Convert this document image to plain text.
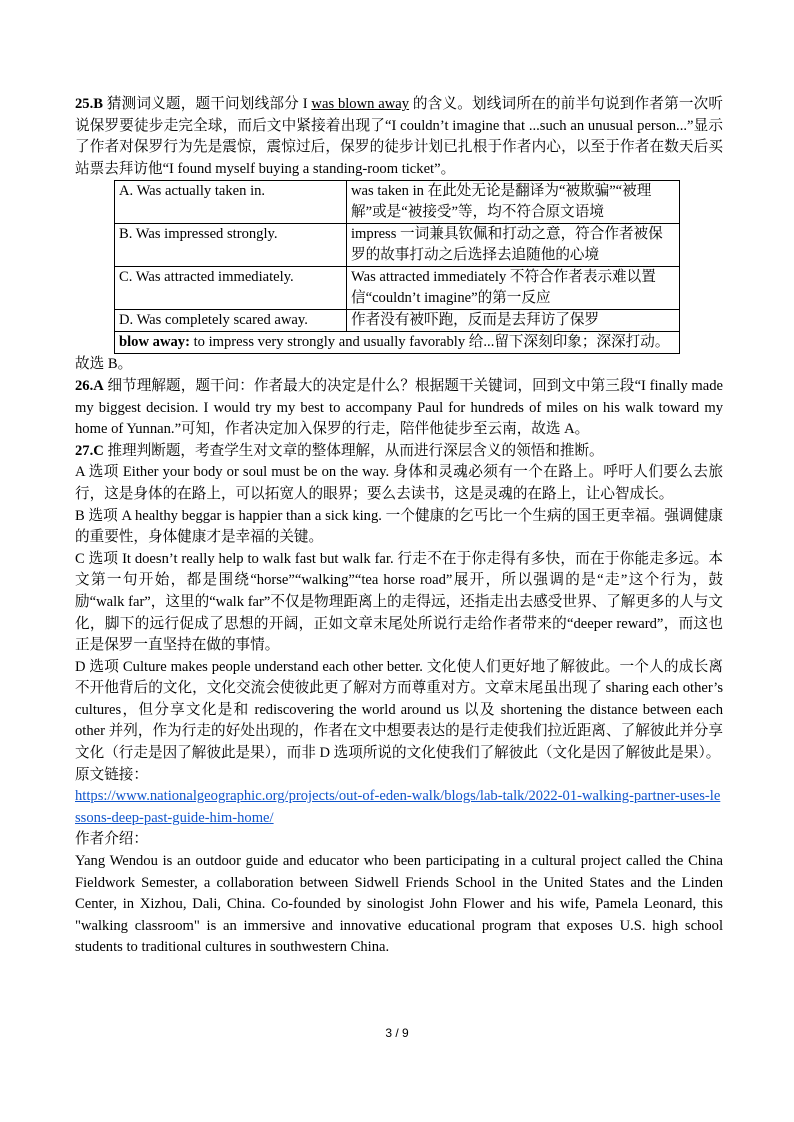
25.B 猜测词义题，题干问划线部分 I was blown away 的含义。划线词所在的前半句说到作者第一次听说保罗要徒步走完全球，而后文中紧接着出现了“I couldn’t imagine that ...such an unusual person...”显示了作者对保罗行为先是震惊，震惊过后，保罗的徒步计划已扎根于作者内心，以至于作者在数天后买站票去拜访他“I found myself buying a standing-room ticket”。

A. Was actually taken in.	was taken in 在此处无论是翻译为“被欺骗”“被理解”或是“被接受”等，均不符合原文语境
B. Was impressed strongly.	impress 一词兼具钦佩和打动之意，符合作者被保罗的故事打动之后选择去追随他的心境
C. Was attracted immediately.	Was attracted immediately 不符合作者表示难以置信“couldn’t imagine”的第一反应
D. Was completely scared away.	作者没有被吓跑，反而是去拜访了保罗
blow away: to impress very strongly and usually favorably 给...留下深刻印象；深深打动。	

故选 B。

26.A 细节理解题，题干问：作者最大的决定是什么？根据题干关键词，回到文中第三段“I finally made my biggest decision. I would try my best to accompany Paul for hundreds of miles on his walk toward my home of Yunnan.”可知，作者决定加入保罗的行走，陪伴他徒步至云南，故选 A。

27.C 推理判断题，考查学生对文章的整体理解，从而进行深层含义的领悟和推断。

A 选项 Either your body or soul must be on the way. 身体和灵魂必须有一个在路上。呼吁人们要么去旅行，这是身体的在路上，可以拓宽人的眼界；要么去读书，这是灵魂的在路上，让心智成长。

B 选项 A healthy beggar is happier than a sick king. 一个健康的乞丐比一个生病的国王更幸福。强调健康的重要性，身体健康才是幸福的关键。

C 选项 It doesn’t really help to walk fast but walk far. 行走不在于你走得有多快，而在于你能走多远。本文第一句开始，都是围绕“horse”“walking”“tea horse road”展开，所以强调的是“走”这个行为，鼓励“walk far”，这里的“walk far”不仅是物理距离上的走得远，还指走出去感受世界、了解更多的人与文化，脚下的远行促成了思想的开阔，正如文章末尾处所说行走给作者带来的“deeper reward”，而这也正是保罗一直坚持在做的事情。

D 选项 Culture makes people understand each other better. 文化使人们更好地了解彼此。一个人的成长离不开他背后的文化，文化交流会使彼此更了解对方而尊重对方。文章末尾虽出现了 sharing each other’s cultures，但分享文化是和 rediscovering the world around us 以及 shortening the distance between each other 并列，作为行走的好处出现的，作者在文中想要表达的是行走使我们拉近距离、了解彼此并分享文化（行走是因了解彼此是果），而非 D 选项所说的文化使我们了解彼此（文化是因了解彼此是果）。

原文链接：

https://www.nationalgeographic.org/projects/out-of-eden-walk/blogs/lab-talk/2022-01-walking-partner-uses-lessons-deep-past-guide-him-home/

作者介绍：

Yang Wendou is an outdoor guide and educator who been participating in a cultural project called the China Fieldwork Semester, a collaboration between Sidwell Friends School in the United States and the Linden Center, in Xizhou, Dali, China. Co-founded by sinologist John Flower and his wife, Pamela Leonard, this "walking classroom" is an immersive and innovative educational program that exposes U.S. high school students to traditional cultures in southwestern China.

3 / 9
